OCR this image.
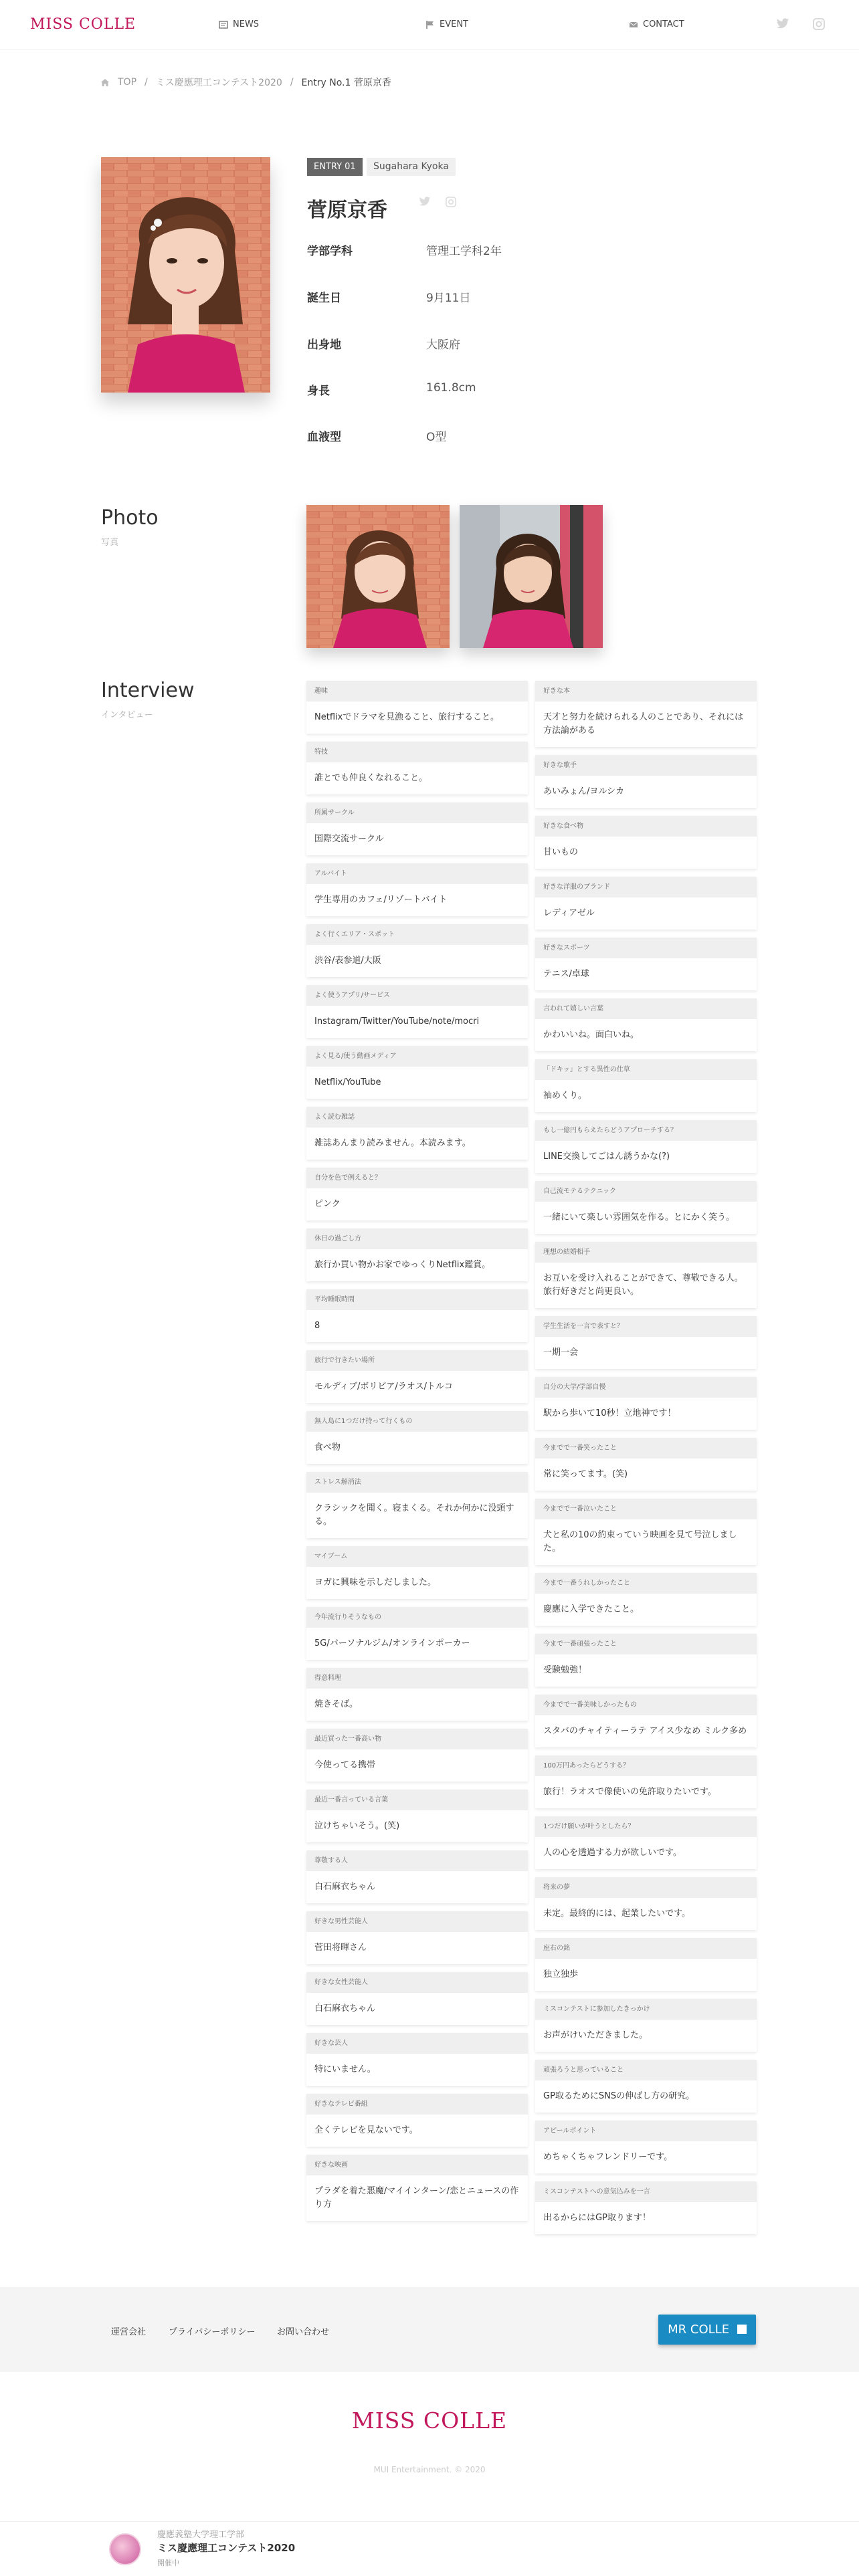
MISS COLLE	NEWS	EVENT	CONTACT
TOP / ミス慶應理工コンテスト2020 / Entry No.1 菅原京香
ENTRY 01	Sugahara Kyoka
菅原京香
学部学科	管理工学科2年
誕生日	9月11日
出身地	大阪府
身長	161.8cm
血液型	O型
Photo
写真
Interview
インタビュー
趣味
Netflixでドラマを見漁ること、旅行すること。
特技
誰とでも仲良くなれること。
所属サークル
国際交流サークル
アルバイト
学生専用のカフェ/リゾートバイト
よく行くエリア・スポット
渋谷/表参道/大阪
よく使うアプリ/サービス
Instagram/Twitter/YouTube/note/mocri
よく見る/使う動画メディア
Netflix/YouTube
よく読む雑誌
雑誌あんまり読みません。本読みます。
自分を色で例えると？
ピンク
休日の過ごし方
旅行か買い物かお家でゆっくりNetflix鑑賞。
平均睡眠時間
8
旅行で行きたい場所
モルディブ/ボリビア/ラオス/トルコ
無人島に1つだけ持って行くもの
食べ物
ストレス解消法
クラシックを聞く。寝まくる。それか何かに没頭する。
マイブーム
ヨガに興味を示しだしました。
今年流行りそうなもの
5G/パーソナルジム/オンラインポーカー
得意料理
焼きそば。
最近買った一番高い物
今使ってる携帯
最近一番言っている言葉
泣けちゃいそう。(笑)
尊敬する人
白石麻衣ちゃん
好きな男性芸能人
菅田将暉さん
好きな女性芸能人
白石麻衣ちゃん
好きな芸人
特にいません。
好きなテレビ番組
全くテレビを見ないです。
好きな映画
プラダを着た悪魔/マイインターン/恋とニュースの作り方
好きな本
天才と努力を続けられる人のことであり、それには方法論がある
好きな歌手
あいみょん/ヨルシカ
好きな食べ物
甘いもの
好きな洋服のブランド
レディアゼル
好きなスポーツ
テニス/卓球
言われて嬉しい言葉
かわいいね。面白いね。
「ドキッ」とする異性の仕草
袖めくり。
もし一億円もらえたらどうアプローチする？
LINE交換してごはん誘うかな(?)
自己流モテるテクニック
一緒にいて楽しい雰囲気を作る。とにかく笑う。
理想の結婚相手
お互いを受け入れることができて、尊敬できる人。旅行好きだと尚更良い。
学生生活を一言で表すと？
一期一会
自分の大学/学部自慢
駅から歩いて10秒！立地神です！
今までで一番笑ったこと
常に笑ってます。(笑)
今までで一番泣いたこと
犬と私の10の約束っていう映画を見て号泣しました。
今まで一番うれしかったこと
慶應に入学できたこと。
今まで一番頑張ったこと
受験勉強！
今までで一番美味しかったもの
スタバのチャイティーラテ アイス少なめ ミルク多め
100万円あったらどうする？
旅行！ラオスで像使いの免許取りたいです。
1つだけ願いが叶うとしたら？
人の心を透過する力が欲しいです。
将来の夢
未定。最終的には、起業したいです。
座右の銘
独立独歩
ミスコンテストに参加したきっかけ
お声がけいただきました。
頑張ろうと思っていること
GP取るためにSNSの伸ばし方の研究。
アピールポイント
めちゃくちゃフレンドリーです。
ミスコンテストへの意気込みを一言
出るからにはGP取ります！
運営会社	プライバシーポリシー	お問い合わせ	MR COLLE
MISS COLLE
MUI Entertainment. © 2020
慶應義塾大学理工学部
ミス慶應理工コンテスト2020
開催中
